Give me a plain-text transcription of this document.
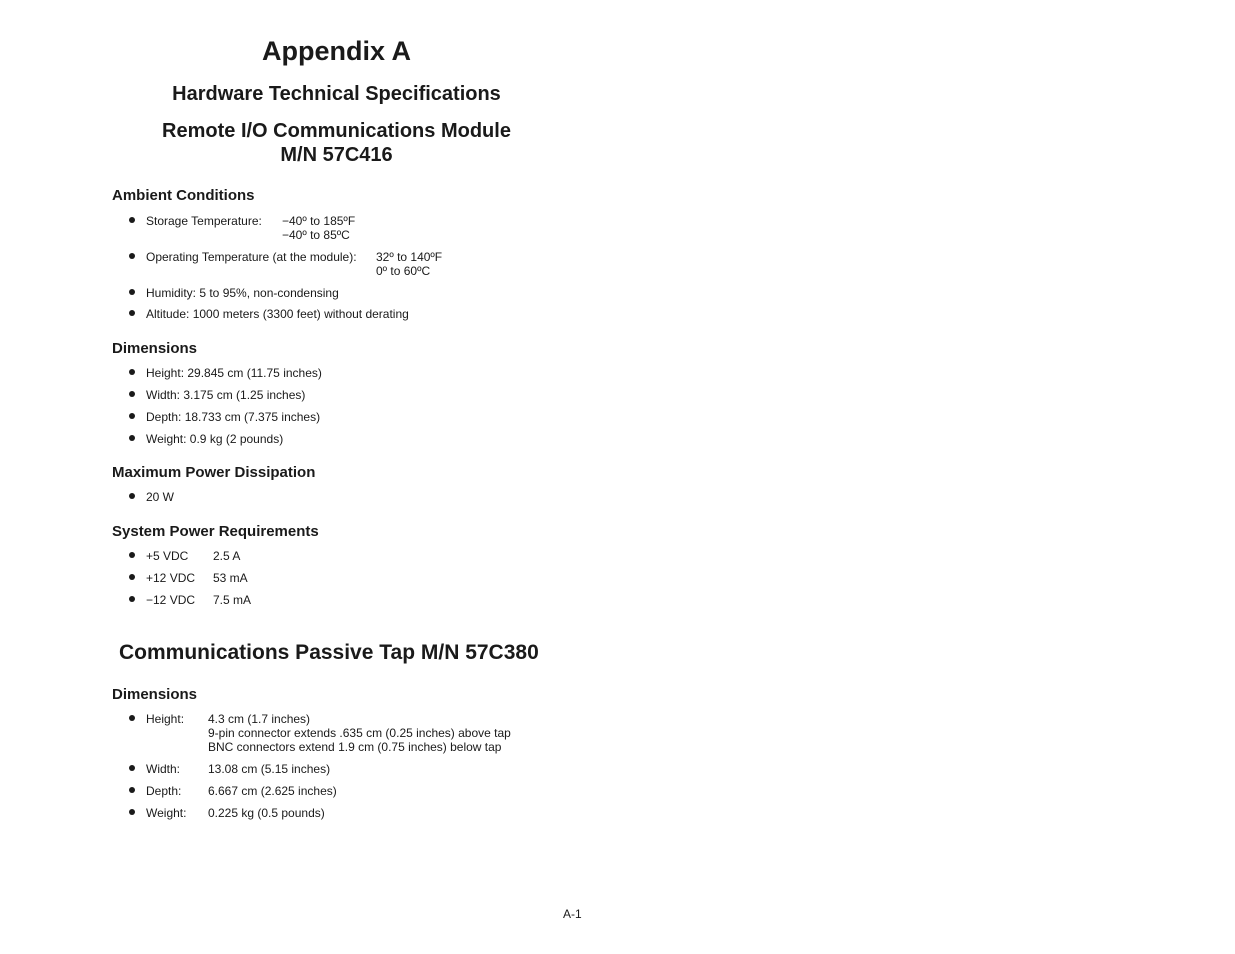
Appendix A
Hardware Technical Specifications
Remote I/O Communications Module
M/N 57C416
Ambient Conditions
Storage Temperature: −40º to 185ºF
−40º to 85ºC
Operating Temperature (at the module): 32º to 140ºF
0º to 60ºC
Humidity: 5 to 95%, non-condensing
Altitude: 1000 meters (3300 feet) without derating
Dimensions
Height: 29.845 cm (11.75 inches)
Width: 3.175 cm (1.25 inches)
Depth: 18.733 cm (7.375 inches)
Weight: 0.9 kg (2 pounds)
Maximum Power Dissipation
20 W
System Power Requirements
+5 VDC 2.5 A
+12 VDC 53 mA
−12 VDC 7.5 mA
Communications Passive Tap M/N 57C380
Dimensions
Height: 4.3 cm (1.7 inches)
9-pin connector extends .635 cm (0.25 inches) above tap
BNC connectors extend 1.9 cm (0.75 inches) below tap
Width: 13.08 cm (5.15 inches)
Depth: 6.667 cm (2.625 inches)
Weight: 0.225 kg (0.5 pounds)
A-1
